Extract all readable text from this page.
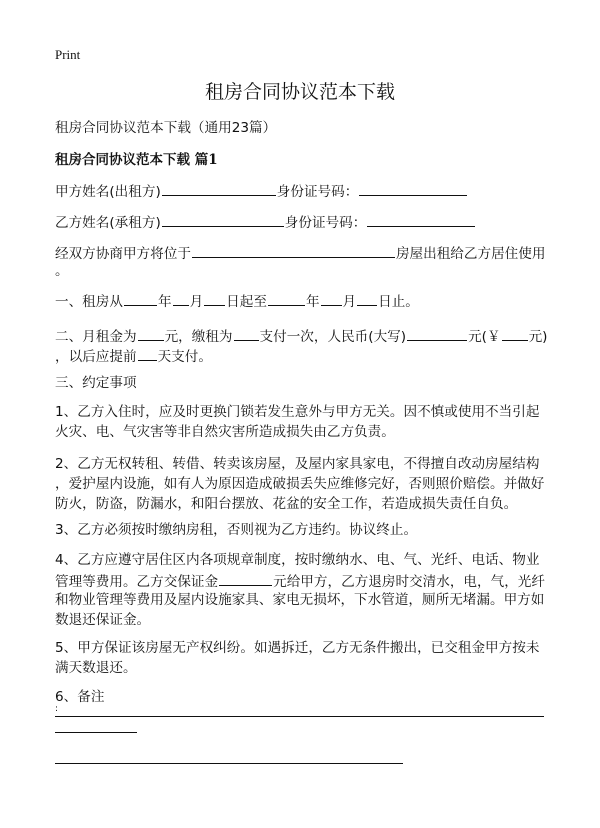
Print
租房合同协议范本下载
租房合同协议范本下载（通用23篇）
租房合同协议范本下载 篇1
甲方姓名(出租方)	身份证号码：
乙方姓名(承租方)	身份证号码：
经双方协商甲方将位于	房屋出租给乙方居住使用
。
一、租房从	年 月 日起至	年 月 日止。
二、月租金为 元，缴租为 支付一次，人民币(大写)	元(￥ 元)
，以后应提前 天支付。
三、约定事项
1、乙方入住时，应及时更换门锁若发生意外与甲方无关。因不慎或使用不当引起
火灾、电、气灾害等非自然灾害所造成损失由乙方负责。
2、乙方无权转租、转借、转卖该房屋，及屋内家具家电，不得擅自改动房屋结构
，爱护屋内设施，如有人为原因造成破损丢失应维修完好，否则照价赔偿。并做好
防火，防盗，防漏水，和阳台摆放、花盆的安全工作，若造成损失责任自负。
3、乙方必须按时缴纳房租，否则视为乙方违约。协议终止。
4、乙方应遵守居住区内各项规章制度，按时缴纳水、电、气、光纤、电话、物业
管理等费用。乙方交保证金	元给甲方，乙方退房时交清水，电，气，光纤
和物业管理等费用及屋内设施家具、家电无损坏，下水管道，厕所无堵漏。甲方如
数退还保证金。
5、甲方保证该房屋无产权纠纷。如遇拆迁，乙方无条件搬出，已交租金甲方按未
满天数退还。
6、备注
:
